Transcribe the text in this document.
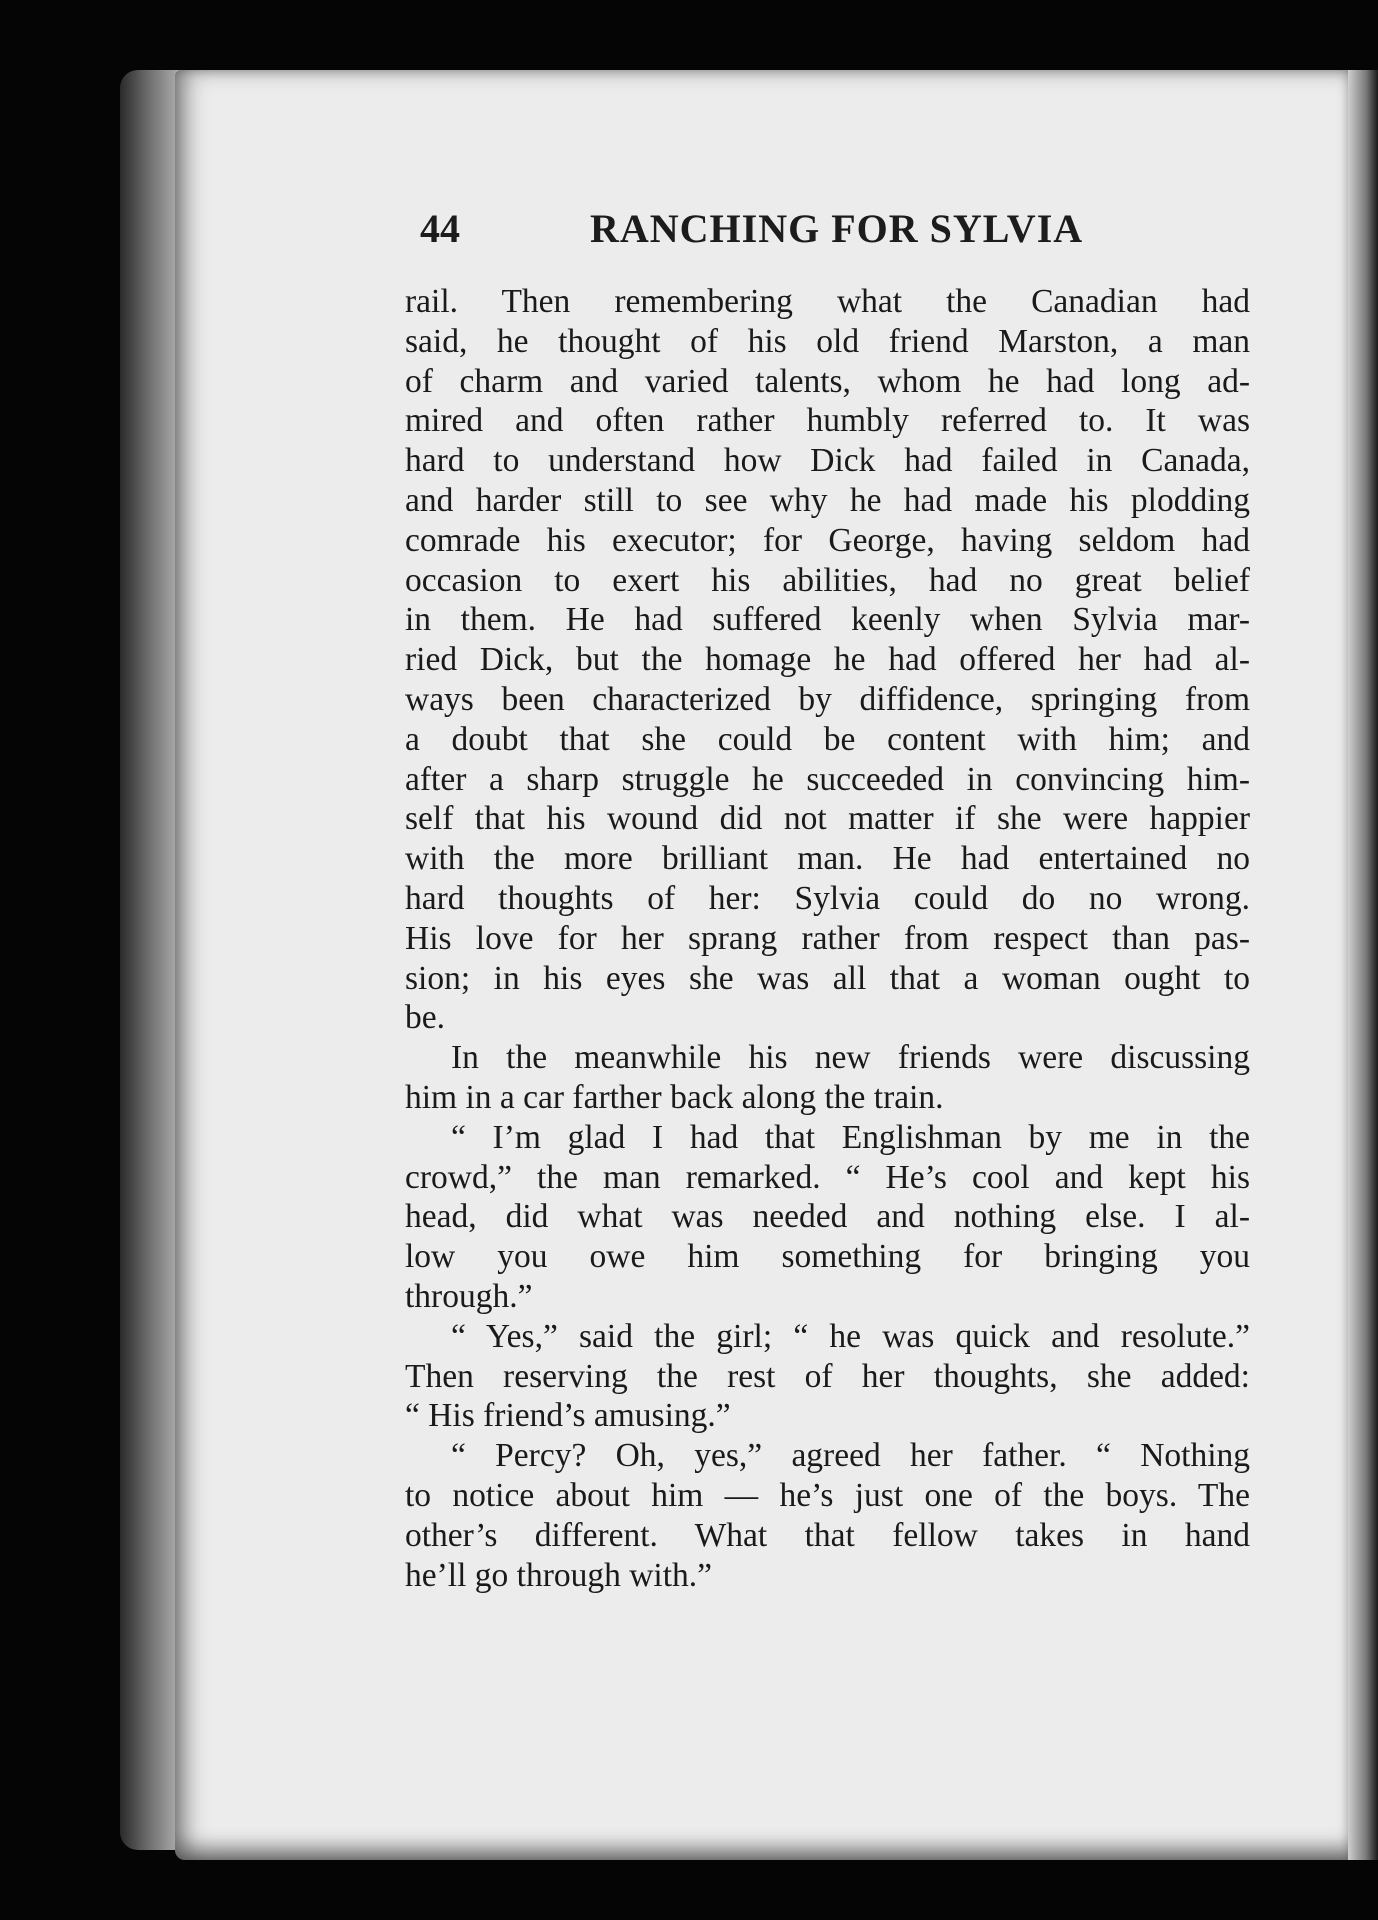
44	RANCHING FOR SYLVIA
rail. Then remembering what the Canadian had
said, he thought of his old friend Marston, a man
of charm and varied talents, whom he had long ad-
mired and often rather humbly referred to. It was
hard to understand how Dick had failed in Canada,
and harder still to see why he had made his plodding
comrade his executor; for George, having seldom had
occasion to exert his abilities, had no great belief
in them. He had suffered keenly when Sylvia mar-
ried Dick, but the homage he had offered her had al-
ways been characterized by diffidence, springing from
a doubt that she could be content with him; and
after a sharp struggle he succeeded in convincing him-
self that his wound did not matter if she were happier
with the more brilliant man. He had entertained no
hard thoughts of her: Sylvia could do no wrong.
His love for her sprang rather from respect than pas-
sion; in his eyes she was all that a woman ought to
be.
In the meanwhile his new friends were discussing
him in a car farther back along the train.
“ I’m glad I had that Englishman by me in the
crowd,” the man remarked. “ He’s cool and kept his
head, did what was needed and nothing else. I al-
low you owe him something for bringing you
through.”
“ Yes,” said the girl; “ he was quick and resolute.”
Then reserving the rest of her thoughts, she added:
“ His friend’s amusing.”
“ Percy? Oh, yes,” agreed her father. “ Nothing
to notice about him — he’s just one of the boys. The
other’s different. What that fellow takes in hand
he’ll go through with.”
